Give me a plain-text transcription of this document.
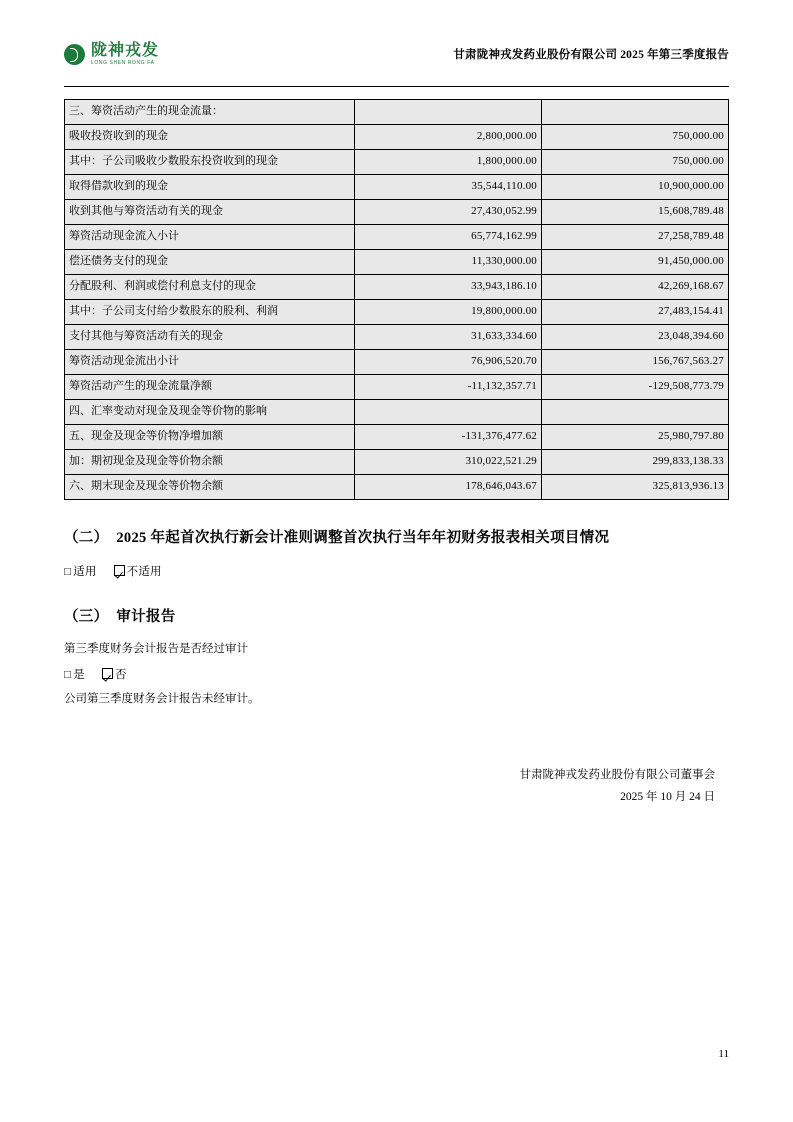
陇神戎发
LONG SHEN RONG FA
甘肃陇神戎发药业股份有限公司 2025 年第三季度报告
三、筹资活动产生的现金流量：		
吸收投资收到的现金	2,800,000.00	750,000.00
其中：子公司吸收少数股东投资收到的现金	1,800,000.00	750,000.00
取得借款收到的现金	35,544,110.00	10,900,000.00
收到其他与筹资活动有关的现金	27,430,052.99	15,608,789.48
筹资活动现金流入小计	65,774,162.99	27,258,789.48
偿还债务支付的现金	11,330,000.00	91,450,000.00
分配股利、利润或偿付利息支付的现金	33,943,186.10	42,269,168.67
其中：子公司支付给少数股东的股利、利润	19,800,000.00	27,483,154.41
支付其他与筹资活动有关的现金	31,633,334.60	23,048,394.60
筹资活动现金流出小计	76,906,520.70	156,767,563.27
筹资活动产生的现金流量净额	-11,132,357.71	-129,508,773.79
四、汇率变动对现金及现金等价物的影响		
五、现金及现金等价物净增加额	-131,376,477.62	25,980,797.80
加：期初现金及现金等价物余额	310,022,521.29	299,833,138.33
六、期末现金及现金等价物余额	178,646,043.67	325,813,936.13
（二） 2025 年起首次执行新会计准则调整首次执行当年年初财务报表相关项目情况
□ 适用	不适用
（三） 审计报告

第三季度财务会计报告是否经过审计

□ 是	否

公司第三季度财务会计报告未经审计。

甘肃陇神戎发药业股份有限公司董事会
2025 年 10 月 24 日
11
